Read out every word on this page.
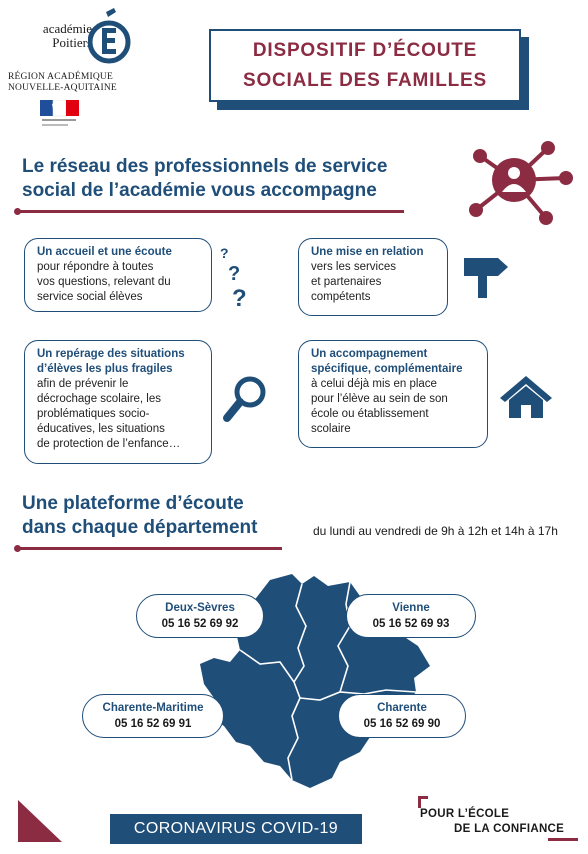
académie
Poitiers
RÉGION ACADÉMIQUE
NOUVELLE-AQUITAINE
DISPOSITIF D’ÉCOUTE
SOCIALE DES FAMILLES
Le réseau des professionnels de service
social de l’académie vous accompagne
Un accueil et une écoute
pour répondre à toutes
vos questions, relevant du
service social élèves
?
?
?
Une mise en relation
vers les services
et partenaires
compétents
Un repérage des situations
d’élèves les plus fragiles
afin de prévenir le
décrochage scolaire, les
problématiques socio-
éducatives, les situations
de protection de l’enfance…
Un accompagnement
spécifique, complémentaire
à celui déjà mis en place
pour l’élève au sein de son
école ou établissement
scolaire
Une plateforme d’écoute
dans chaque département	du lundi au vendredi de 9h à 12h et 14h à 17h
Deux-Sèvres
05 16 52 69 92
Vienne
05 16 52 69 93
Charente-Maritime
05 16 52 69 91
Charente
05 16 52 69 90
CORONAVIRUS COVID-19
POUR L’ÉCOLE
DE LA CONFIANCE
